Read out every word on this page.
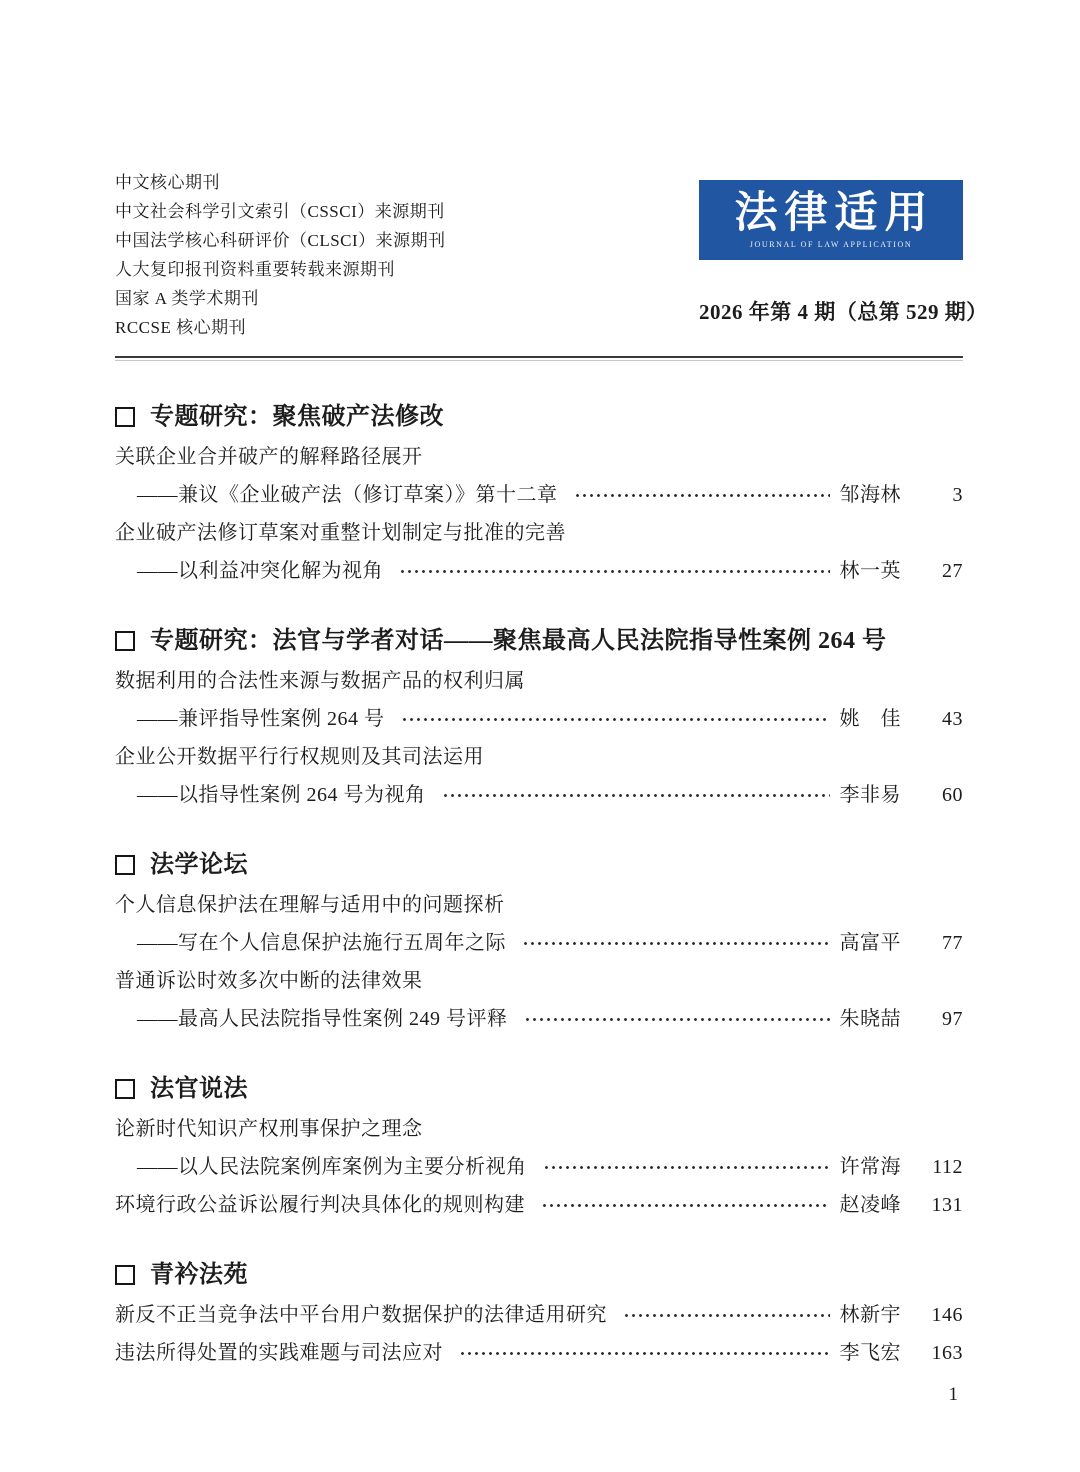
中文核心期刊
中文社会科学引文索引（CSSCI）来源期刊
中国法学核心科研评价（CLSCI）来源期刊
人大复印报刊资料重要转载来源期刊
国家 A 类学术期刊
RCCSE 核心期刊
法律适用
JOURNAL OF LAW APPLICATION
2026 年第 4 期（总第 529 期）
专题研究：聚焦破产法修改
关联企业合并破产的解释路径展开
——兼议《企业破产法（修订草案）》第十二章	邹海林	3
企业破产法修订草案对重整计划制定与批准的完善
——以利益冲突化解为视角	林一英	27
专题研究：法官与学者对话——聚焦最高人民法院指导性案例 264 号
数据利用的合法性来源与数据产品的权利归属
——兼评指导性案例 264 号	姚　佳	43
企业公开数据平行行权规则及其司法运用
——以指导性案例 264 号为视角	李非易	60
法学论坛
个人信息保护法在理解与适用中的问题探析
——写在个人信息保护法施行五周年之际	高富平	77
普通诉讼时效多次中断的法律效果
——最高人民法院指导性案例 249 号评释	朱晓喆	97
法官说法
论新时代知识产权刑事保护之理念
——以人民法院案例库案例为主要分析视角	许常海	112
环境行政公益诉讼履行判决具体化的规则构建	赵凌峰	131
青衿法苑
新反不正当竞争法中平台用户数据保护的法律适用研究	林新宇	146
违法所得处置的实践难题与司法应对	李飞宏	163
1
